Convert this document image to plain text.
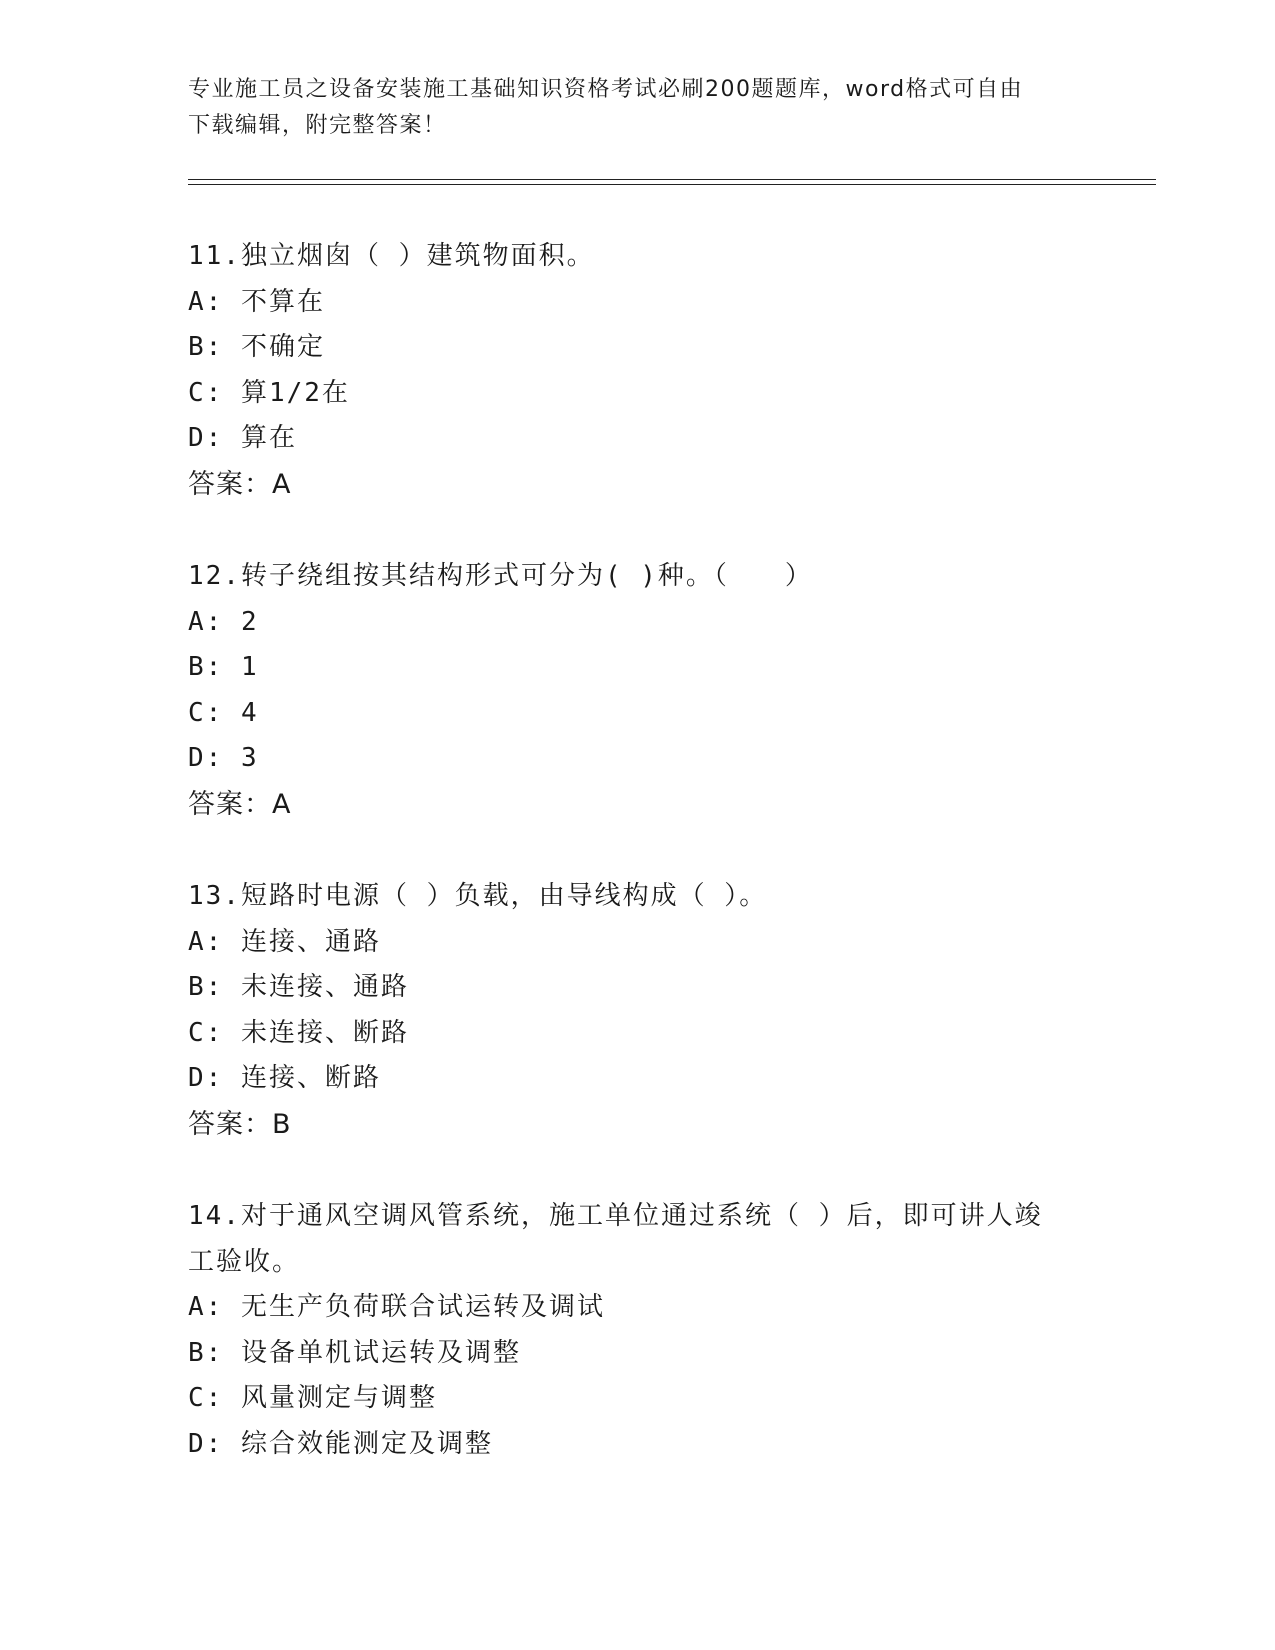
专业施工员之设备安装施工基础知识资格考试必刷200题题库，word格式可自由
下载编辑，附完整答案！
11.独立烟囱（ ）建筑物面积。
A: 不算在
B: 不确定
C: 算1/2在
D: 算在
答案：A
12.转子绕组按其结构形式可分为( )种。（　　）
A: 2
B: 1
C: 4
D: 3
答案：A
13.短路时电源（ ）负载，由导线构成（ ）。
A: 连接、通路
B: 未连接、通路
C: 未连接、断路
D: 连接、断路
答案：B
14.对于通风空调风管系统，施工单位通过系统（ ）后，即可讲人竣
工验收。
A: 无生产负荷联合试运转及调试
B: 设备单机试运转及调整
C: 风量测定与调整
D: 综合效能测定及调整
